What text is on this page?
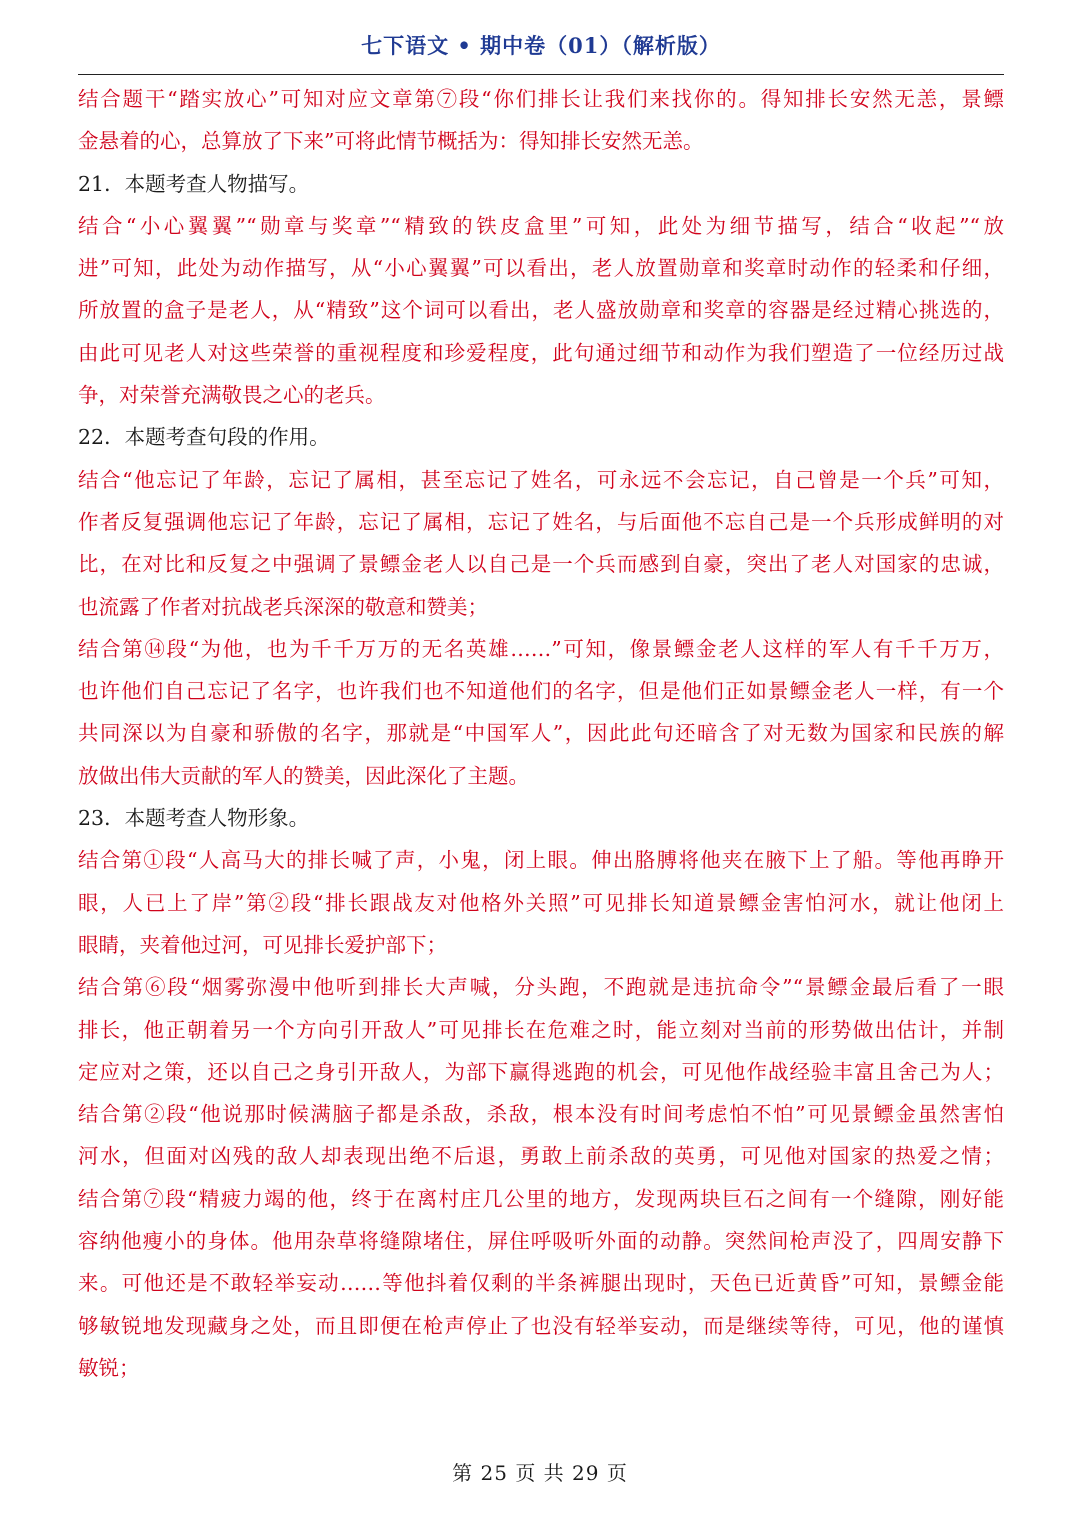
七下语文 • 期中卷（01）（解析版）
结合题干“踏实放心”可知对应文章第⑦段“你们排长让我们来找你的。得知排长安然无恙，景鳔
金悬着的心，总算放了下来”可将此情节概括为：得知排长安然无恙。
21．本题考查人物描写。
结合“小心翼翼”“勋章与奖章”“精致的铁皮盒里”可知，此处为细节描写，结合“收起”“放
进”可知，此处为动作描写，从“小心翼翼”可以看出，老人放置勋章和奖章时动作的轻柔和仔细，
所放置的盒子是老人，从“精致”这个词可以看出，老人盛放勋章和奖章的容器是经过精心挑选的，
由此可见老人对这些荣誉的重视程度和珍爱程度，此句通过细节和动作为我们塑造了一位经历过战
争，对荣誉充满敬畏之心的老兵。
22．本题考查句段的作用。
结合“他忘记了年龄，忘记了属相，甚至忘记了姓名，可永远不会忘记，自己曾是一个兵”可知，
作者反复强调他忘记了年龄，忘记了属相，忘记了姓名，与后面他不忘自己是一个兵形成鲜明的对
比，在对比和反复之中强调了景鳔金老人以自己是一个兵而感到自豪，突出了老人对国家的忠诚，
也流露了作者对抗战老兵深深的敬意和赞美；
结合第⑭段“为他，也为千千万万的无名英雄……”可知，像景鳔金老人这样的军人有千千万万，
也许他们自己忘记了名字，也许我们也不知道他们的名字，但是他们正如景鳔金老人一样，有一个
共同深以为自豪和骄傲的名字，那就是“中国军人”，因此此句还暗含了对无数为国家和民族的解
放做出伟大贡献的军人的赞美，因此深化了主题。
23．本题考查人物形象。
结合第①段“人高马大的排长喊了声，小鬼，闭上眼。伸出胳膊将他夹在腋下上了船。等他再睁开
眼，人已上了岸”第②段“排长跟战友对他格外关照”可见排长知道景鳔金害怕河水，就让他闭上
眼睛，夹着他过河，可见排长爱护部下；
结合第⑥段“烟雾弥漫中他听到排长大声喊，分头跑，不跑就是违抗命令”“景鳔金最后看了一眼
排长，他正朝着另一个方向引开敌人”可见排长在危难之时，能立刻对当前的形势做出估计，并制
定应对之策，还以自己之身引开敌人，为部下赢得逃跑的机会，可见他作战经验丰富且舍己为人；
结合第②段“他说那时候满脑子都是杀敌，杀敌，根本没有时间考虑怕不怕”可见景鳔金虽然害怕
河水，但面对凶残的敌人却表现出绝不后退，勇敢上前杀敌的英勇，可见他对国家的热爱之情；
结合第⑦段“精疲力竭的他，终于在离村庄几公里的地方，发现两块巨石之间有一个缝隙，刚好能
容纳他瘦小的身体。他用杂草将缝隙堵住，屏住呼吸听外面的动静。突然间枪声没了，四周安静下
来。可他还是不敢轻举妄动……等他抖着仅剩的半条裤腿出现时，天色已近黄昏”可知，景鳔金能
够敏锐地发现藏身之处，而且即便在枪声停止了也没有轻举妄动，而是继续等待，可见，他的谨慎
敏锐；
第 25 页 共 29 页
